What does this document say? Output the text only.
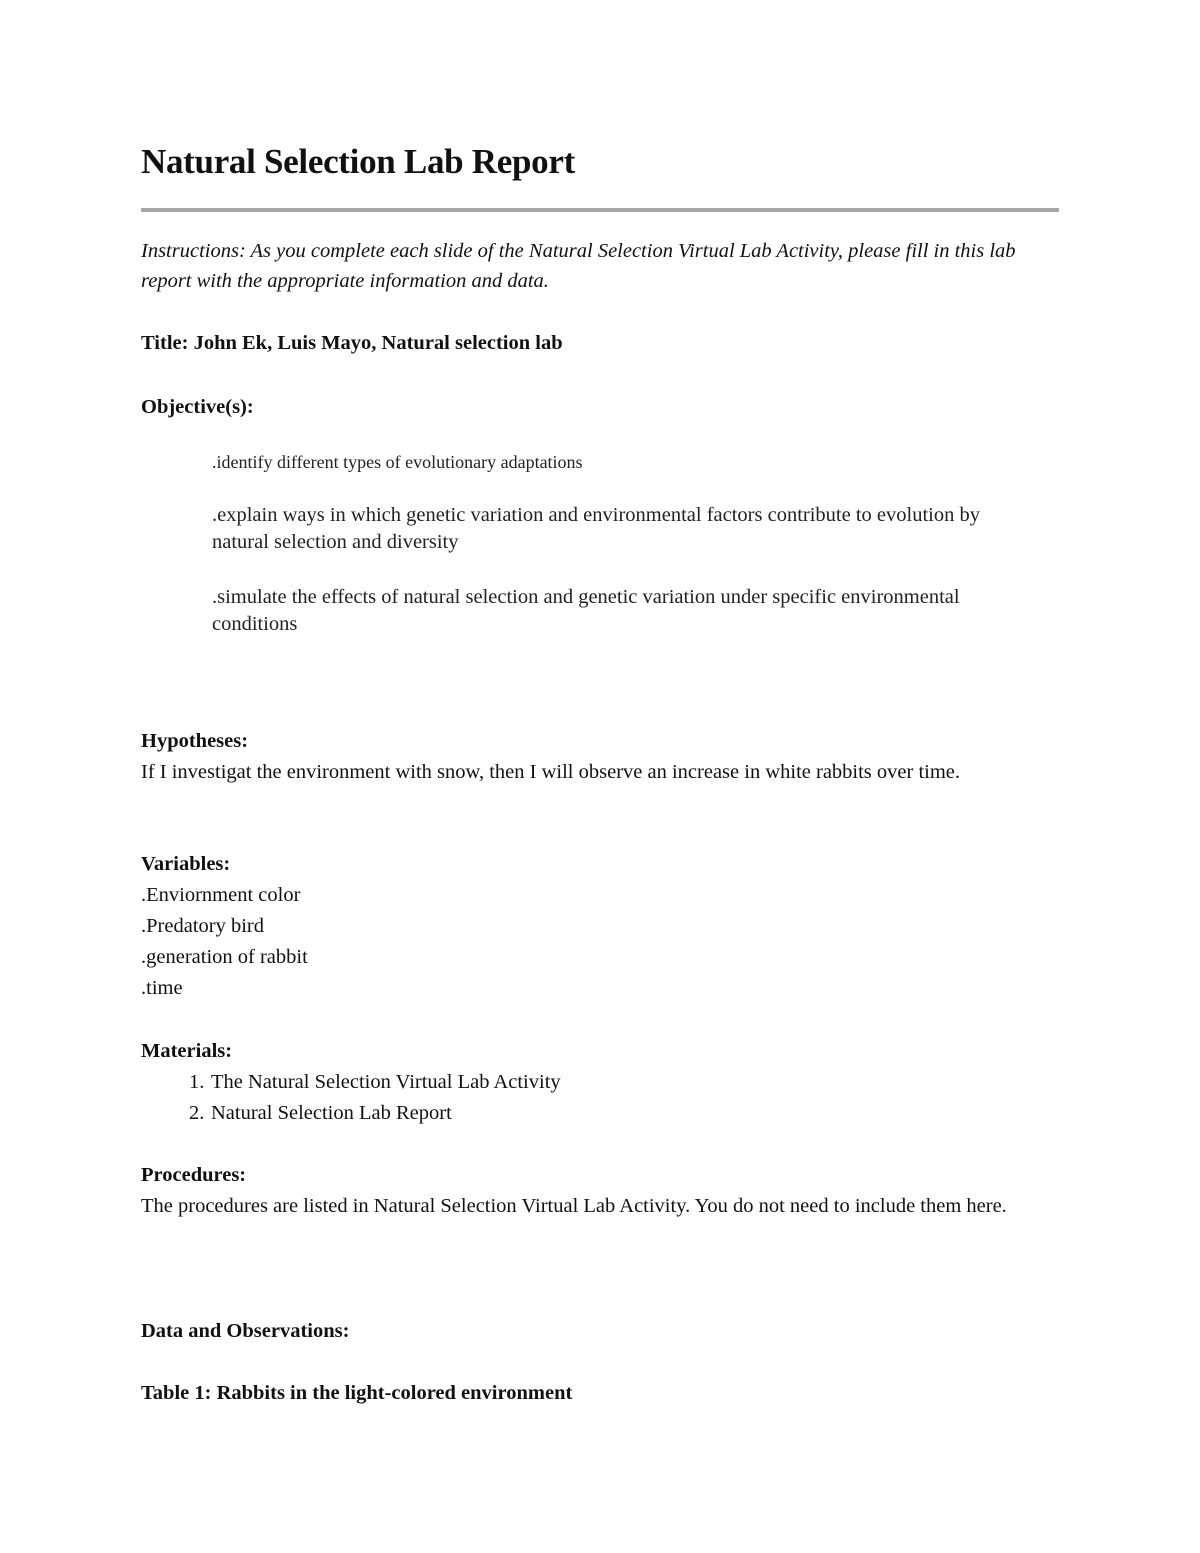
Natural Selection Lab Report

Instructions: As you complete each slide of the Natural Selection Virtual Lab Activity, please fill in this lab report with the appropriate information and data.

Title: John Ek, Luis Mayo, Natural selection lab

Objective(s):

.identify different types of evolutionary adaptations
.explain ways in which genetic variation and environmental factors contribute to evolution by natural selection and diversity
.simulate the effects of natural selection and genetic variation under specific environmental conditions
Hypotheses:
If I investigat the environment with snow, then I will observe an increase in white rabbits over time.
Variables:
.Enviornment color
.Predatory bird
.generation of rabbit
.time
Materials:
1. The Natural Selection Virtual Lab Activity
2. Natural Selection Lab Report
Procedures:
The procedures are listed in Natural Selection Virtual Lab Activity. You do not need to include them here.

Data and Observations:

Table 1: Rabbits in the light-colored environment
